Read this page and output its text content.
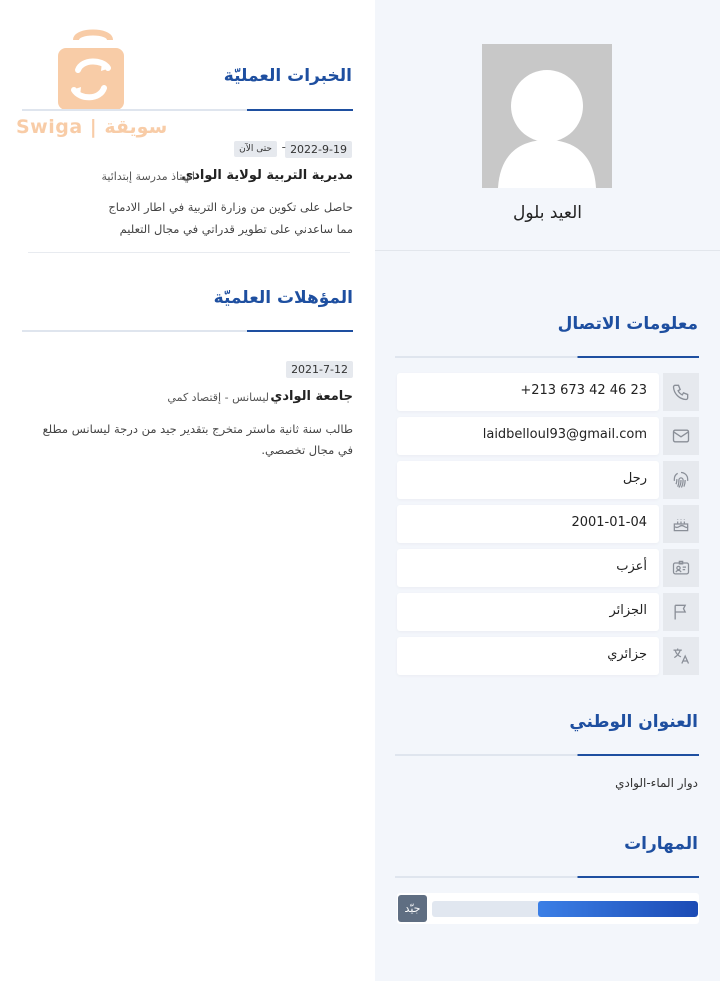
العيد بلول
معلومات الاتصال
+213 673 42 46 23
laidbelloul93@gmail.com
رجل
2001-01-04
أعزب
الجزائر
جزائري
العنوان الوطني
دوار الماء-الوادي
المهارات
جيّد
Swiga | سويقة
الخبرات العمليّة
2022-9-19
-
حتى الآن
مديرية التربية لولاية الوادي
استاذ مدرسة إبتدائية
حاصل على تكوين من وزارة التربية في اطار الادماج
مما ساعدني على تطوير قدراتي في مجال التعليم
المؤهلات العلميّة
2021-7-12
جامعة الوادي
ليسانس - إقتصاد كمي
طالب سنة ثانية ماستر متخرج بتقدير جيد من درجة ليسانس مطلع
في مجال تخصصي.
